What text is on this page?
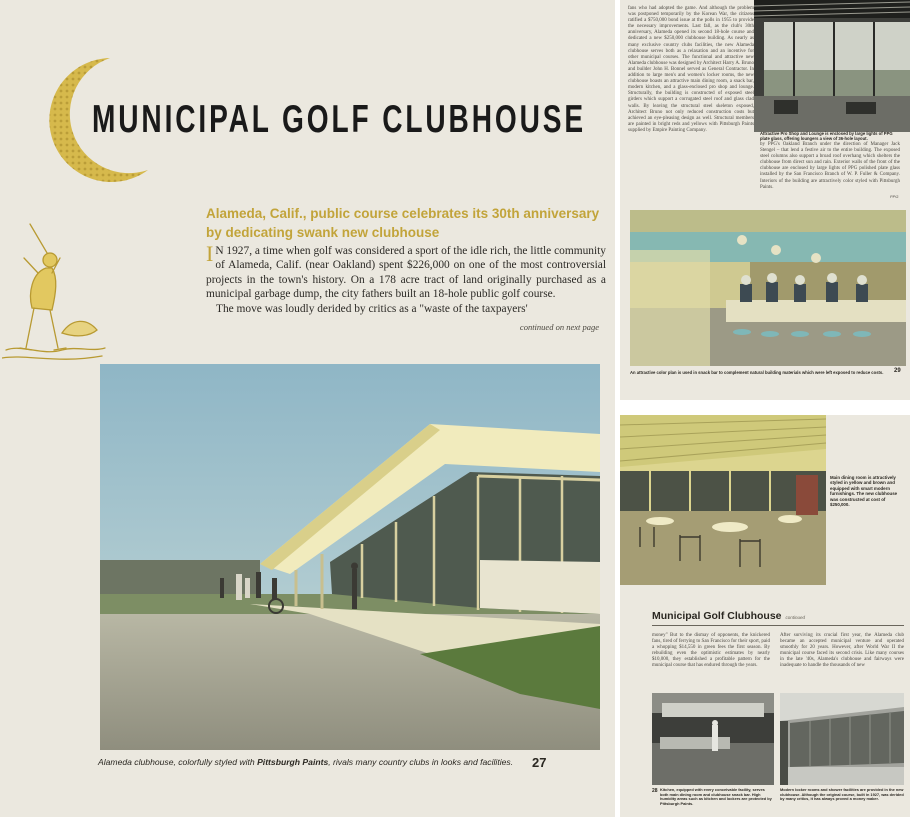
MUNICIPAL GOLF CLUBHOUSE
Alameda, Calif., public course celebrates its 30th anniversary by dedicating swank new clubhouse
I N 1927, a time when golf was considered a sport of the idle rich, the little community of Alameda, Calif. (near Oakland) spent $226,000 on one of the most controversial projects in the town's history. On a 178 acre tract of land originally purchased as a municipal garbage dump, the city fathers built an 18-hole public golf course.

The move was loudly derided by critics as a "waste of the taxpayers'

continued on next page
Alameda clubhouse, colorfully styled with Pittsburgh Paints, rivals many country clubs in looks and facilities.	27
fans who had adopted the game. And although the problem was postponed temporarily by the Korean War, the citizens ratified a $750,000 bond issue at the polls in 1955 to provide the necessary improvements. Last fall, as the club's 30th anniversary, Alameda opened its second 18-hole course and dedicated a new $250,000 clubhouse building. As nearly as many exclusive country clubs facilities, the new Alameda clubhouse serves both as a relaxation and an incentive for other municipal courses. The functional and attractive new Alameda clubhouse was designed by Architect Harry A. Bruno and builder John H. Bonnel served as General Contractor. In addition to large men's and women's locker rooms, the new clubhouse boasts an attractive main dining room, a snack bar, modern kitchen, and a glass-enclosed pro shop and lounge. Structurally, the building is constructed of exposed steel girders which support a corrugated steel roof and glass clad walls. By leaving the structural steel skeleton exposed, Architect Bruno not only reduced construction costs but achieved an eye-pleasing design as well. Structural members are painted in bright reds and yellows with Pittsburgh Paints supplied by Empire Painting Company.
Attractive Pro Shop and Lounge is enclosed by large lights of PPG plate glass, offering loungers a view of 36-hole layout.
by PPG's Oakland Branch under the direction of Manager Jack Stengel – that lend a festive air to the entire building. The exposed steel columns also support a broad roof overhang which shelters the clubhouse from direct sun and rain. Exterior walls of the front of the clubhouse are enclosed by large lights of PPG polished plate glass installed by the San Francisco Branch of W. P. Fuller & Company. Interiors of the building are attractively color styled with Pittsburgh Paints.
PPG
An attractive color plan is used in snack bar to complement natural building materials which were left exposed to reduce costs. 29
Main dining room is attractively styled in yellow and brown and equipped with smart modern furnishings. The new clubhouse was constructed at cost of $250,000.
Municipal Golf Clubhouse continued
money" But to the dismay of opponents, the knickered fans, tired of ferrying to San Francisco for their sport, paid a whopping $14,550 in green fees the first season. By rebuilding even the optimistic estimates by nearly $10,000, they established a profitable pattern for the municipal course that has endured through the years.
After surviving its crucial first year, the Alameda club became an accepted municipal venture and operated smoothly for 20 years. However, after World War II the municipal course faced its second crisis. Like many courses in the late '40s, Alameda's clubhouse and fairways were inadequate to handle the thousands of new
28 Kitchen, equipped with every conceivable facility, serves both main dining room and clubhouse snack bar. High humidity areas such as kitchen and lockers are protected by Pittsburgh Paints.
Modern locker rooms and shower facilities are provided in the new clubhouse. Although the original course, built in 1927, was derided by many critics, it has always proved a money maker.
